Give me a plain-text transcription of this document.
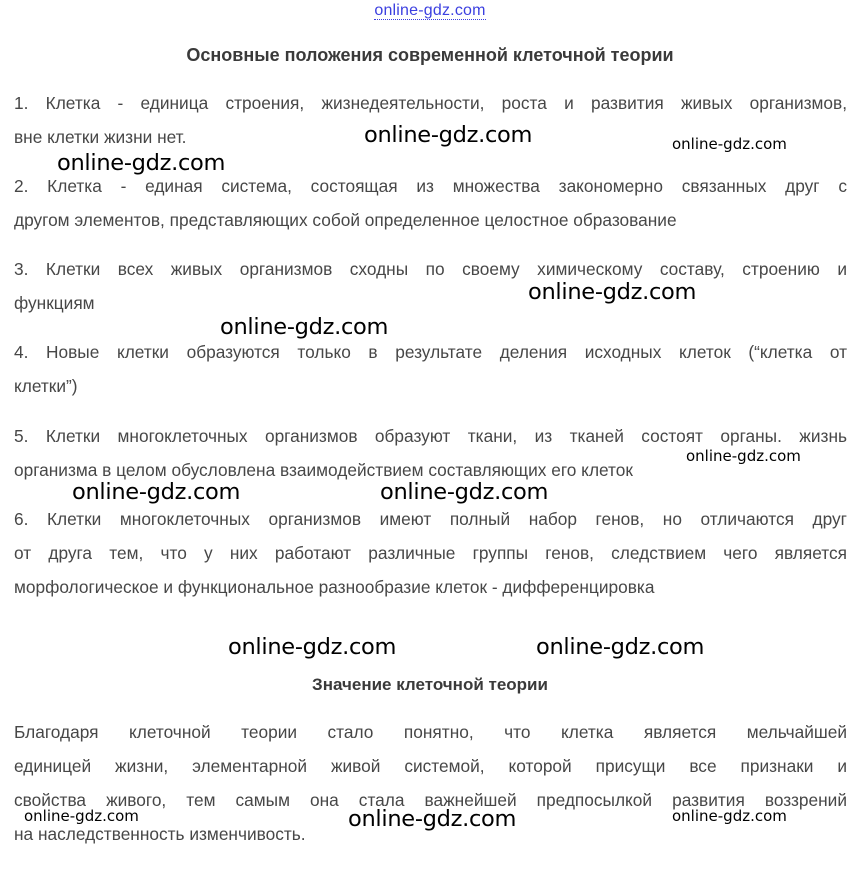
online-gdz.com
Основные положения современной клеточной теории
1. Клетка - единица строения, жизнедеятельности, роста и развития живых организмов,
вне клетки жизни нет.
2. Клетка - единая система, состоящая из множества закономерно связанных друг с
другом элементов, представляющих собой определенное целостное образование
3. Клетки всех живых организмов сходны по своему химическому составу, строению и
функциям
4. Новые клетки образуются только в результате деления исходных клеток (“клетка от
клетки”)
5. Клетки многоклеточных организмов образуют ткани, из тканей состоят органы. жизнь
организма в целом обусловлена взаимодействием составляющих его клеток
6. Клетки многоклеточных организмов имеют полный набор генов, но отличаются друг
от друга тем, что у них работают различные группы генов, следствием чего является
морфологическое и функциональное разнообразие клеток - дифференцировка
Значение клеточной теории
Благодаря клеточной теории стало понятно, что клетка является мельчайшей
единицей жизни, элементарной живой системой, которой присущи все признаки и
свойства живого, тем самым она стала важнейшей предпосылкой развития воззрений
на наследственность изменчивость.
online-gdz.com	online-gdz.com
online-gdz.com
online-gdz.com
online-gdz.com
online-gdz.com
online-gdz.com	online-gdz.com
online-gdz.com	online-gdz.com
online-gdz.com	online-gdz.com	online-gdz.com
